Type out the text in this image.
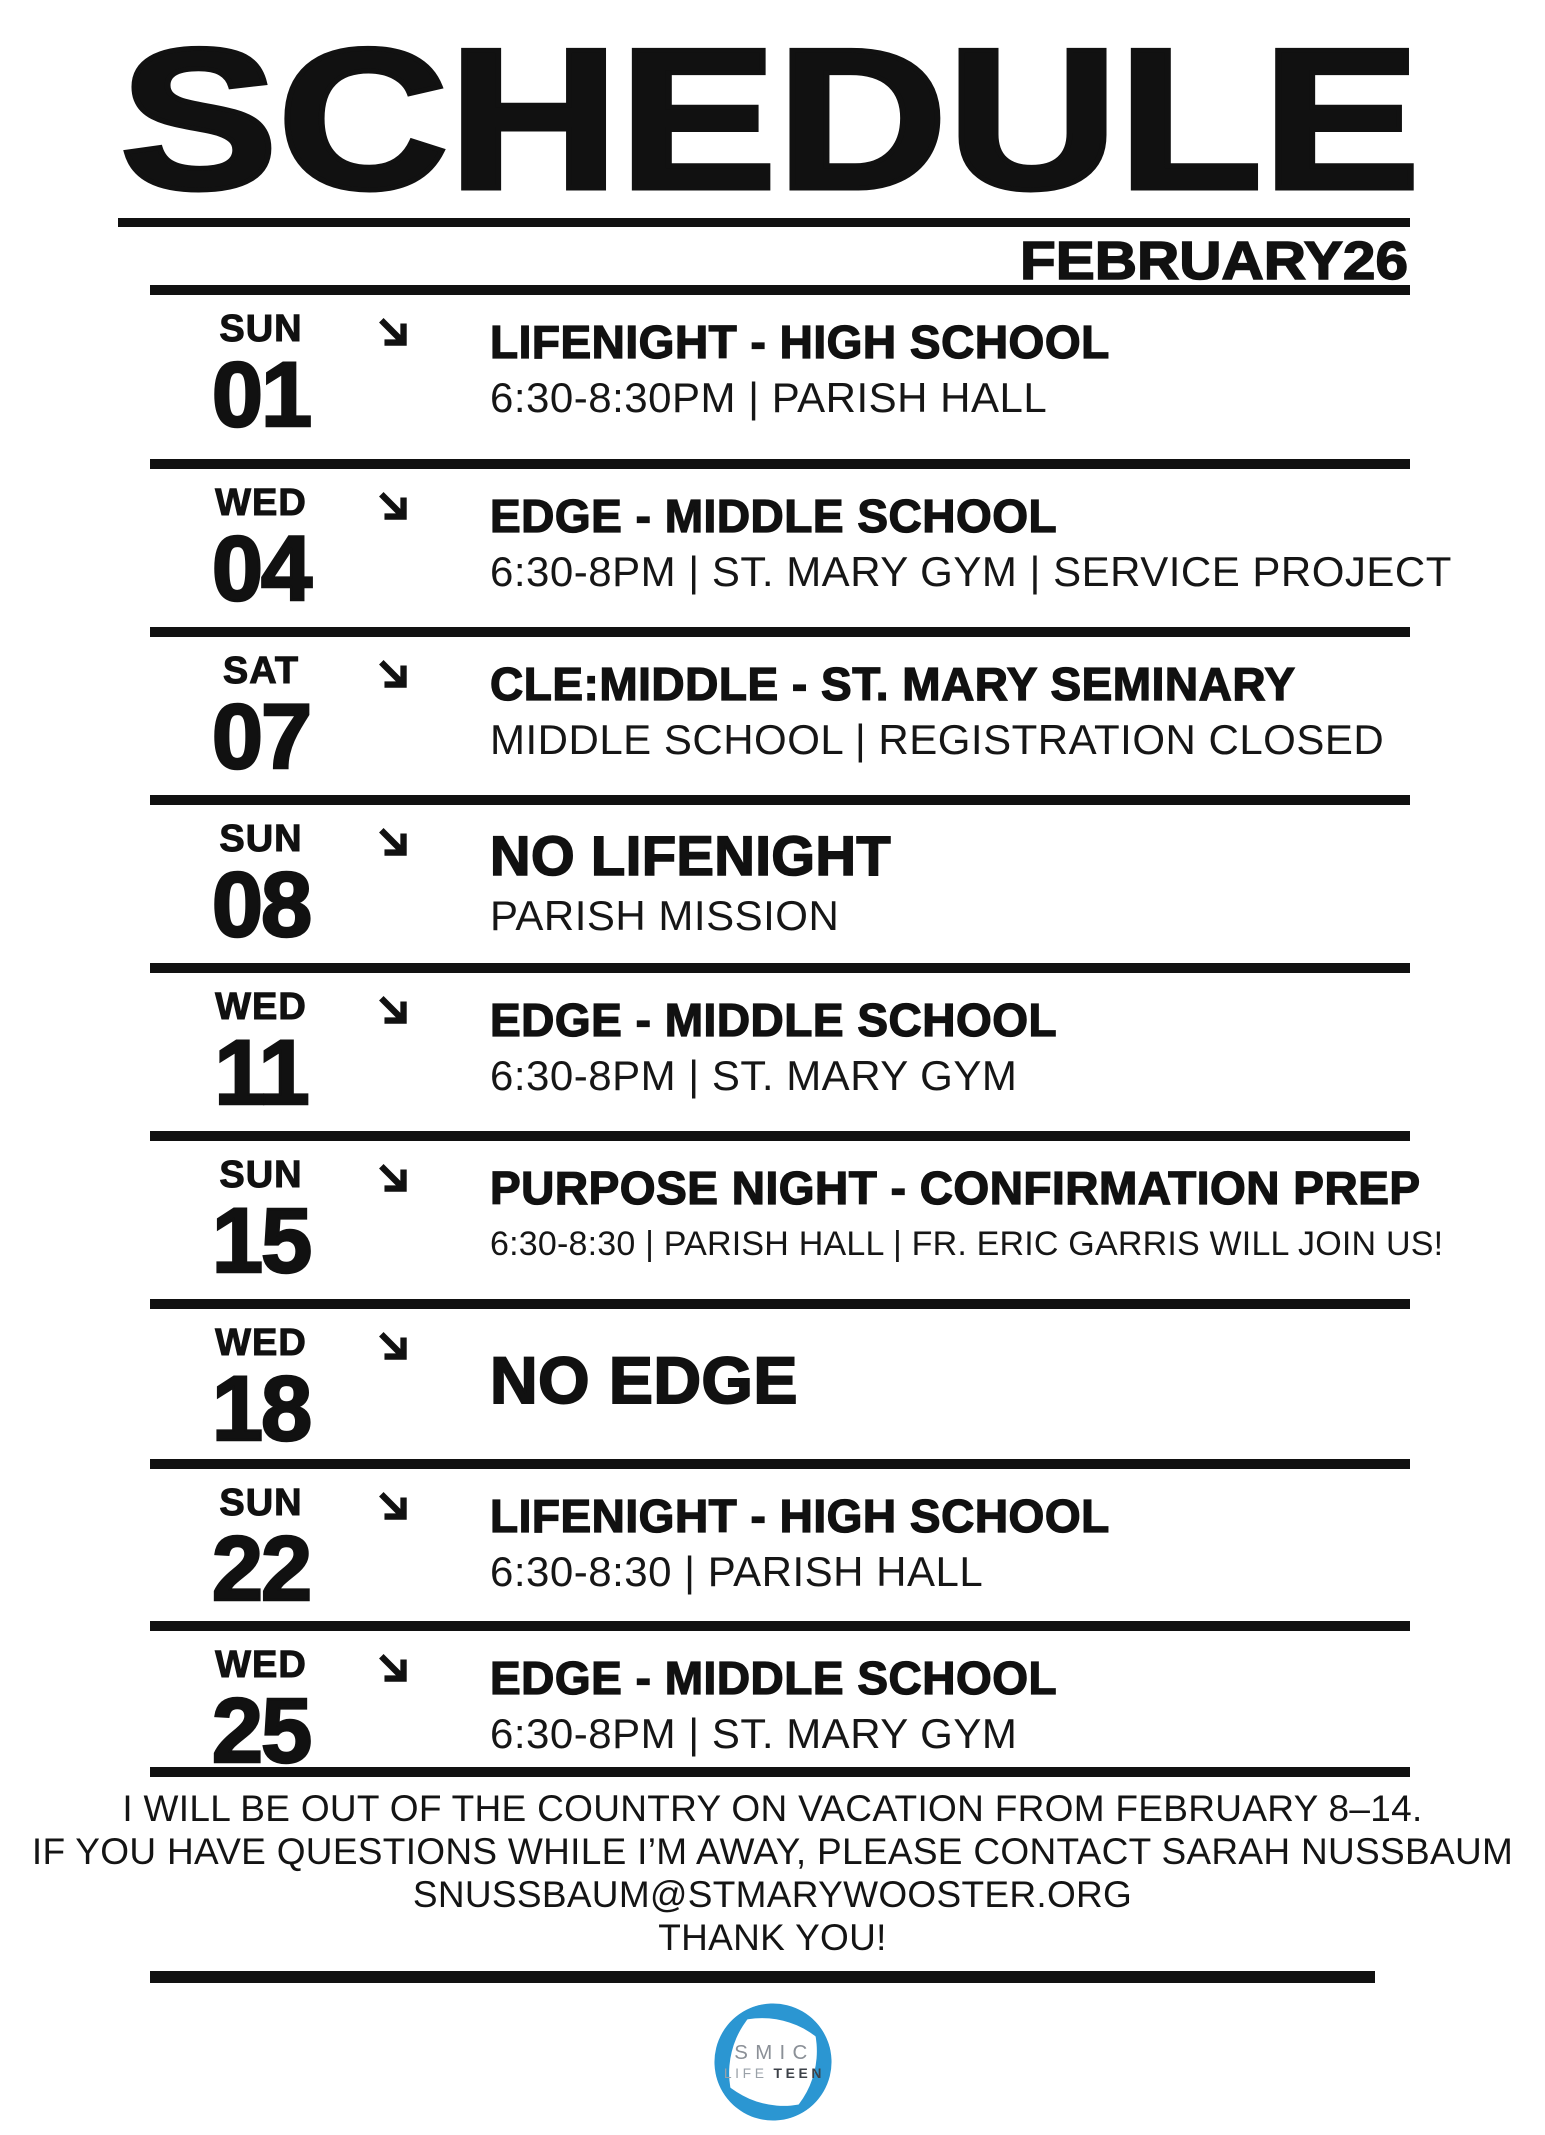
SCHEDULE
FEBRUARY26
SUN
01
LIFENIGHT - HIGH SCHOOL

6:30-8:30PM | PARISH HALL

WED
04
EDGE - MIDDLE SCHOOL

6:30-8PM | ST. MARY GYM | SERVICE PROJECT

SAT
07
CLE:MIDDLE - ST. MARY SEMINARY

MIDDLE SCHOOL | REGISTRATION CLOSED

SUN
08	NO LIFENIGHT

PARISH MISSION

WED
11
EDGE - MIDDLE SCHOOL

6:30-8PM | ST. MARY GYM

SUN
15
PURPOSE NIGHT - CONFIRMATION PREP

6:30-8:30 | PARISH HALL | FR. ERIC GARRIS WILL JOIN US!

WED
18	NO EDGE
SUN
22
LIFENIGHT - HIGH SCHOOL

6:30-8:30 | PARISH HALL

WED
25
EDGE - MIDDLE SCHOOL

6:30-8PM | ST. MARY GYM

I WILL BE OUT OF THE COUNTRY ON VACATION FROM FEBRUARY 8–14.

IF YOU HAVE QUESTIONS WHILE I’M AWAY, PLEASE CONTACT SARAH NUSSBAUM

SNUSSBAUM@STMARYWOOSTER.ORG

THANK YOU!

SMIC
LIFE TEEN
